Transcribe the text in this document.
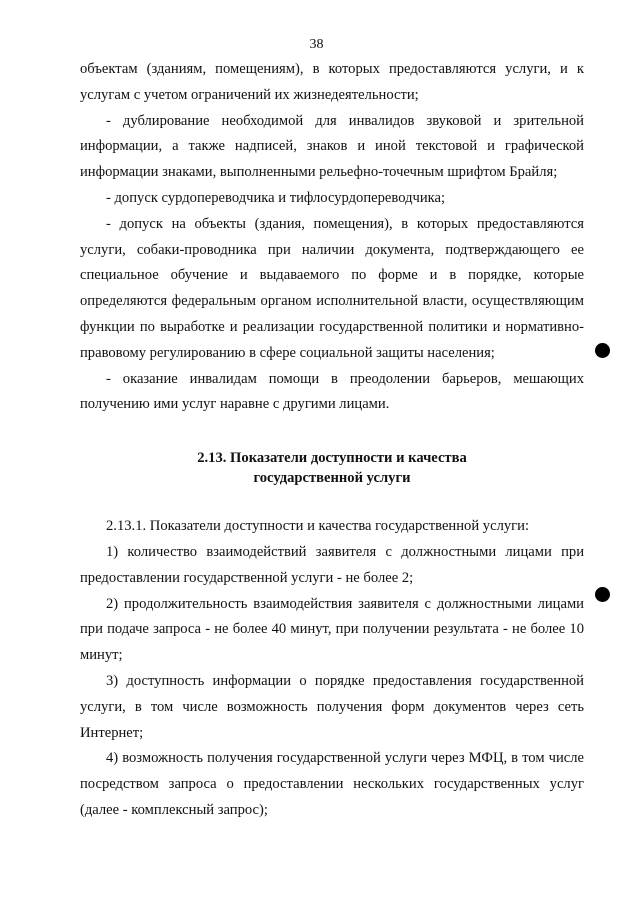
38

объектам (зданиям, помещениям), в которых предоставляются услуги, и к услугам с учетом ограничений их жизнедеятельности;

- дублирование необходимой для инвалидов звуковой и зрительной информации, а также надписей, знаков и иной текстовой и графической информации знаками, выполненными рельефно-точечным шрифтом Брайля;

- допуск сурдопереводчика и тифлосурдопереводчика;

- допуск на объекты (здания, помещения), в которых предоставляются услуги, собаки-проводника при наличии документа, подтверждающего ее специальное обучение и выдаваемого по форме и в порядке, которые определяются федеральным органом исполнительной власти, осуществляющим функции по выработке и реализации государственной политики и нормативно-правовому регулированию в сфере социальной защиты населения;

- оказание инвалидам помощи в преодолении барьеров, мешающих получению ими услуг наравне с другими лицами.

2.13. Показатели доступности и качества

государственной услуги

2.13.1. Показатели доступности и качества государственной услуги:

1) количество взаимодействий заявителя с должностными лицами при предоставлении государственной услуги - не более 2;

2) продолжительность взаимодействия заявителя с должностными лицами при подаче запроса - не более 40 минут, при получении результата - не более 10 минут;

3) доступность информации о порядке предоставления государственной услуги, в том числе возможность получения форм документов через сеть Интернет;

4) возможность получения государственной услуги через МФЦ, в том числе посредством запроса о предоставлении нескольких государственных услуг (далее - комплексный запрос);
